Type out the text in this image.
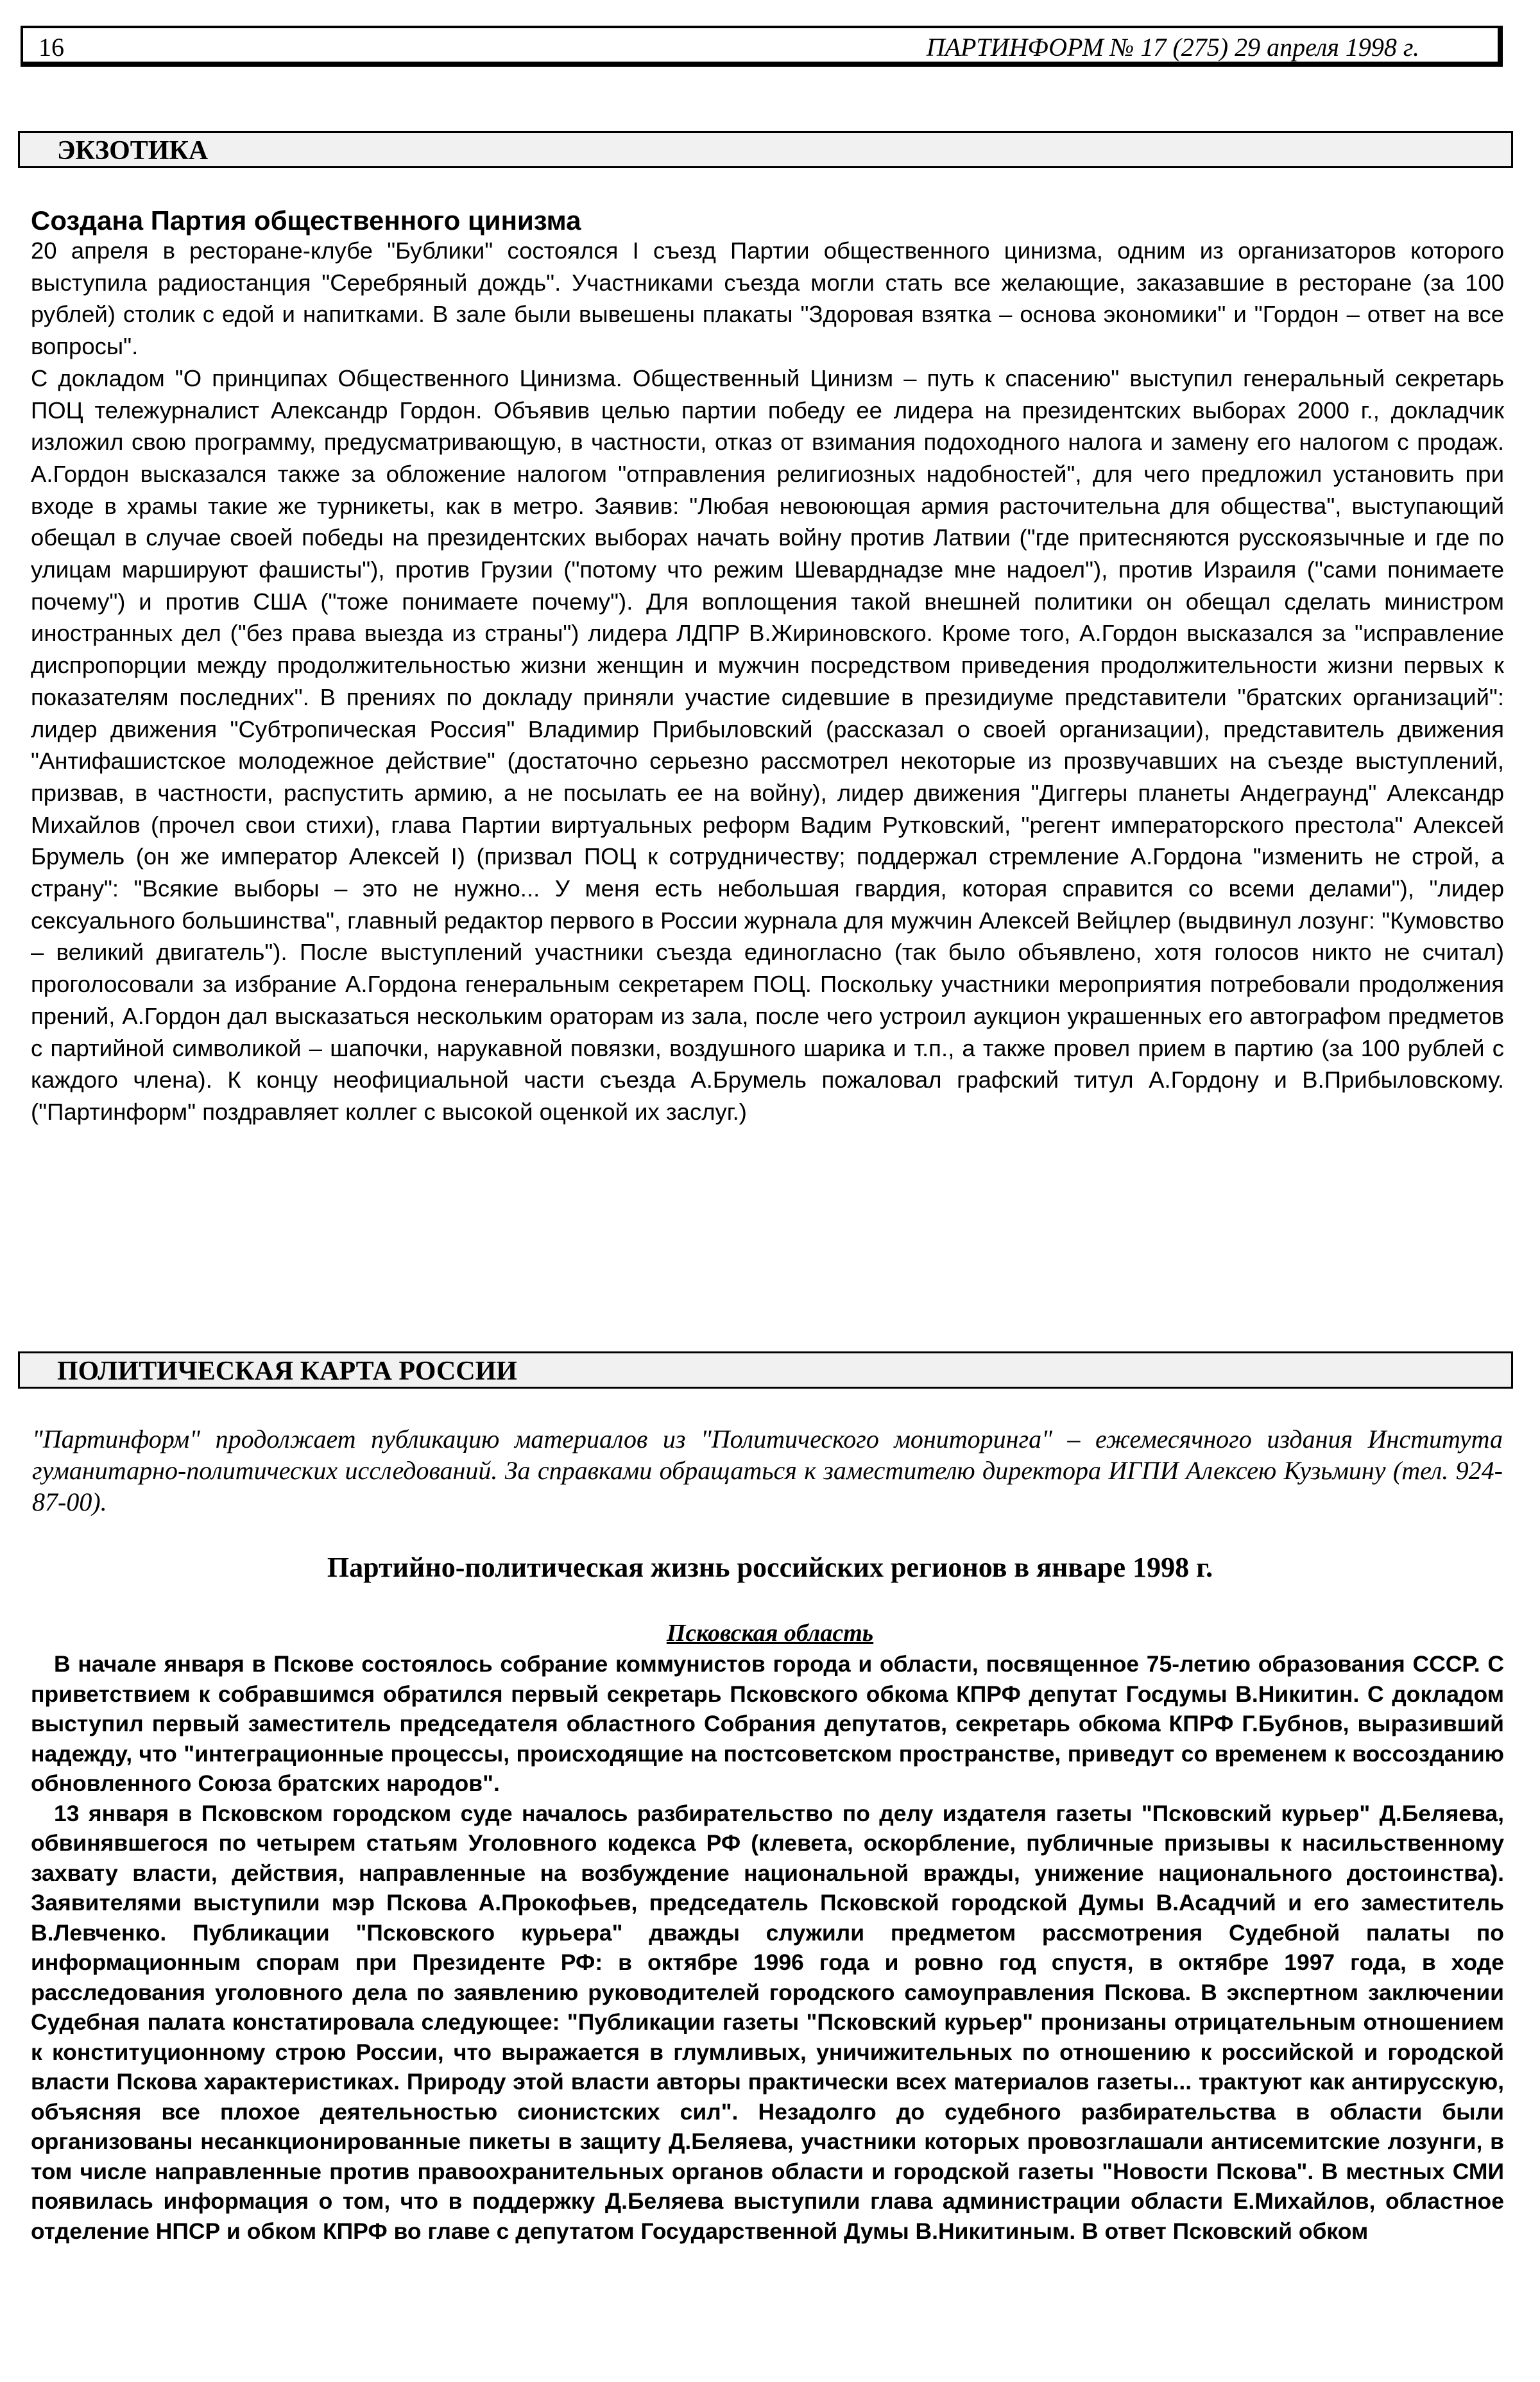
16	ПАРТИНФОРМ № 17 (275) 29 апреля 1998 г.
ЭКЗОТИКА
Создана Партия общественного цинизма

20 апреля в ресторане-клубе "Бублики" состоялся I съезд Партии общественного цинизма, одним из организаторов которого выступила радиостанция "Серебряный дождь". Участниками съезда могли стать все желающие, заказавшие в ресторане (за 100 рублей) столик с едой и напитками. В зале были вывешены плакаты "Здоровая взятка – основа экономики" и "Гордон – ответ на все вопросы".

С докладом "О принципах Общественного Цинизма. Общественный Цинизм – путь к спасению" выступил генеральный секретарь ПОЦ тележурналист Александр Гордон. Объявив целью партии победу ее лидера на президентских выборах 2000 г., докладчик изложил свою программу, предусматривающую, в частности, отказ от взимания подоходного налога и замену его налогом с продаж. А.Гордон высказался также за обложение налогом "отправления религиозных надобностей", для чего предложил установить при входе в храмы такие же турникеты, как в метро. Заявив: "Любая невоюющая армия расточительна для общества", выступающий обещал в случае своей победы на президентских выборах начать войну против Латвии ("где притесняются русскоязычные и где по улицам маршируют фашисты"), против Грузии ("потому что режим Шеварднадзе мне надоел"), против Израиля ("сами понимаете почему") и против США ("тоже понимаете почему"). Для воплощения такой внешней политики он обещал сделать министром иностранных дел ("без права выезда из страны") лидера ЛДПР В.Жириновского. Кроме того, А.Гордон высказался за "исправление диспропорции между продолжительностью жизни женщин и мужчин посредством приведения продолжительности жизни первых к показателям последних". В прениях по докладу приняли участие сидевшие в президиуме представители "братских организаций": лидер движения "Субтропическая Россия" Владимир Прибыловский (рассказал о своей организации), представитель движения "Антифашистское молодежное действие" (достаточно серьезно рассмотрел некоторые из прозвучавших на съезде выступлений, призвав, в частности, распустить армию, а не посылать ее на войну), лидер движения "Диггеры планеты Андеграунд" Александр Михайлов (прочел свои стихи), глава Партии виртуальных реформ Вадим Рутковский, "регент императорского престола" Алексей Брумель (он же император Алексей I) (призвал ПОЦ к сотрудничеству; поддержал стремление А.Гордона "изменить не строй, а страну": "Всякие выборы – это не нужно... У меня есть небольшая гвардия, которая справится со всеми делами"), "лидер сексуального большинства", главный редактор первого в России журнала для мужчин Алексей Вейцлер (выдвинул лозунг: "Кумовство – великий двигатель"). После выступлений участники съезда единогласно (так было объявлено, хотя голосов никто не считал) проголосовали за избрание А.Гордона генеральным секретарем ПОЦ. Поскольку участники мероприятия потребовали продолжения прений, А.Гордон дал высказаться нескольким ораторам из зала, после чего устроил аукцион украшенных его автографом предметов с партийной символикой – шапочки, нарукавной повязки, воздушного шарика и т.п., а также провел прием в партию (за 100 рублей с каждого члена). К концу неофициальной части съезда А.Брумель пожаловал графский титул А.Гордону и В.Прибыловскому. ("Партинформ" поздравляет коллег с высокой оценкой их заслуг.)

ПОЛИТИЧЕСКАЯ КАРТА РОССИИ

"Партинформ" продолжает публикацию материалов из "Политического мониторинга" – ежемесячного издания Института гуманитарно-политических исследований. За справками обращаться к заместителю директора ИГПИ Алексею Кузьмину (тел. 924-87-00).

Партийно-политическая жизнь российских регионов в январе 1998 г.
Псковская область

В начале января в Пскове состоялось собрание коммунистов города и области, посвященное 75-летию образования СССР. С приветствием к собравшимся обратился первый секретарь Псковского обкома КПРФ депутат Госдумы В.Никитин. С докладом выступил первый заместитель председателя областного Собрания депутатов, секретарь обкома КПРФ Г.Бубнов, выразивший надежду, что "интеграционные процессы, происходящие на постсоветском пространстве, приведут со временем к воссозданию обновленного Союза братских народов".

13 января в Псковском городском суде началось разбирательство по делу издателя газеты "Псковский курьер" Д.Беляева, обвинявшегося по четырем статьям Уголовного кодекса РФ (клевета, оскорбление, публичные призывы к насильственному захвату власти, действия, направленные на возбуждение национальной вражды, унижение национального достоинства). Заявителями выступили мэр Пскова А.Прокофьев, председатель Псковской городской Думы В.Асадчий и его заместитель В.Левченко. Публикации "Псковского курьера" дважды служили предметом рассмотрения Судебной палаты по информационным спорам при Президенте РФ: в октябре 1996 года и ровно год спустя, в октябре 1997 года, в ходе расследования уголовного дела по заявлению руководителей городского самоуправления Пскова. В экспертном заключении Судебная палата констатировала следующее: "Публикации газеты "Псковский курьер" пронизаны отрицательным отношением к конституционному строю России, что выражается в глумливых, уничижительных по отношению к российской и городской власти Пскова характеристиках. Природу этой власти авторы практически всех материалов газеты... трактуют как антирусскую, объясняя все плохое деятельностью сионистских сил". Незадолго до судебного разбирательства в области были организованы несанкционированные пикеты в защиту Д.Беляева, участники которых провозглашали антисемитские лозунги, в том числе направленные против правоохранительных органов области и городской газеты "Новости Пскова". В местных СМИ появилась информация о том, что в поддержку Д.Беляева выступили глава администрации области Е.Михайлов, областное отделение НПСР и обком КПРФ во главе с депутатом Государственной Думы В.Никитиным. В ответ Псковский обком
